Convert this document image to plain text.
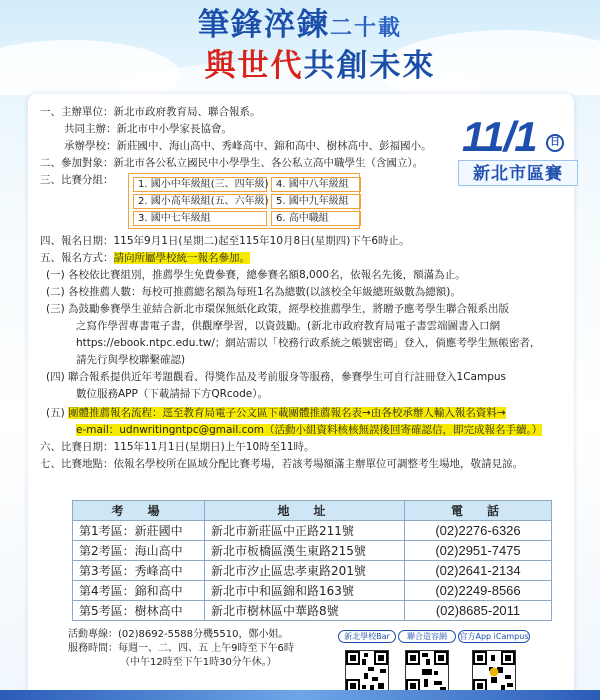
筆鋒淬鍊二十載
與世代共創未來
11/1	日
新北市區賽
一、主辦單位：新北市政府教育局、聯合報系。
共同主辦：新北市中小學家長協會。
承辦學校：新莊國中、海山高中、秀峰高中、錦和高中、樹林高中、彭福國小。
二、參加對象：新北市各公私立國民中小學學生、各公私立高中職學生（含國立）。
三、比賽分組：	1. 國小中年級組(三、四年級) 4. 國中八年級組
2. 國小高年級組(五、六年級) 5. 國中九年級組
3. 國中七年級組	6. 高中職組
四、報名日期：115年9月1日(星期二)起至115年10月8日(星期四)下午6時止。
五、報名方式：請向所屬學校統一報名參加。
(一) 各校依比賽組別，推薦學生免費參賽，總參賽名額8,000名，依報名先後，額滿為止。
(二) 各校推薦人數：每校可推薦總名額為每班1名為總數(以該校全年級總班級數為總額)。
(三) 為鼓勵參賽學生並結合新北市環保無紙化政策，經學校推薦學生，將贈予應考學生聯合報系出版
之寫作學習專書電子書，供觀摩學習，以資鼓勵。(新北市政府教育局電子書雲端圖書入口網
https://ebook.ntpc.edu.tw/；網站需以「校務行政系統之帳號密碼」登入，倘應考學生無帳密者，
請先行與學校聯繫確認)
(四) 聯合報系提供近年考題觀看、得獎作品及考前服身等服務，參賽學生可自行註冊登入1Campus
數位服務APP（下載請掃下方QRcode）。
(五) 團體推薦報名流程：逕至教育局電子公文區下載團體推薦報名表→由各校承辦人輸入報名資料→
e-mail：udnwritingntpc@gmail.com（活動小組資料核核無誤後回寄確認信，即完成報名手續。）
六、比賽日期：115年11月1日(星期日)上午10時至11時。
七、比賽地點：依報名學校所在區域分配比賽考場，若該考場額滿主辦單位可調整考生場地，敬請見諒。
考　場	地　址	電　話
第1考區：新莊國中	新北市新莊區中正路211號	(02)2276-6326
第2考區：海山高中	新北市板橋區漢生東路215號	(02)2951-7475
第3考區：秀峰高中	新北市汐止區忠孝東路201號	(02)2641-2134
第4考區：錦和高中	新北市中和區錦和路163號	(02)2249-8566
第5考區：樹林高中	新北市樹林區中華路8號	(02)8685-2011
活動專線：(02)8692-5588分機5510，鄭小姐。
服務時間：每週一、二、四、五 上午9時至下午6時
（中午12時至下午1時30分午休。）
新北學校Bar	聯合造容網	官方App iCampus
